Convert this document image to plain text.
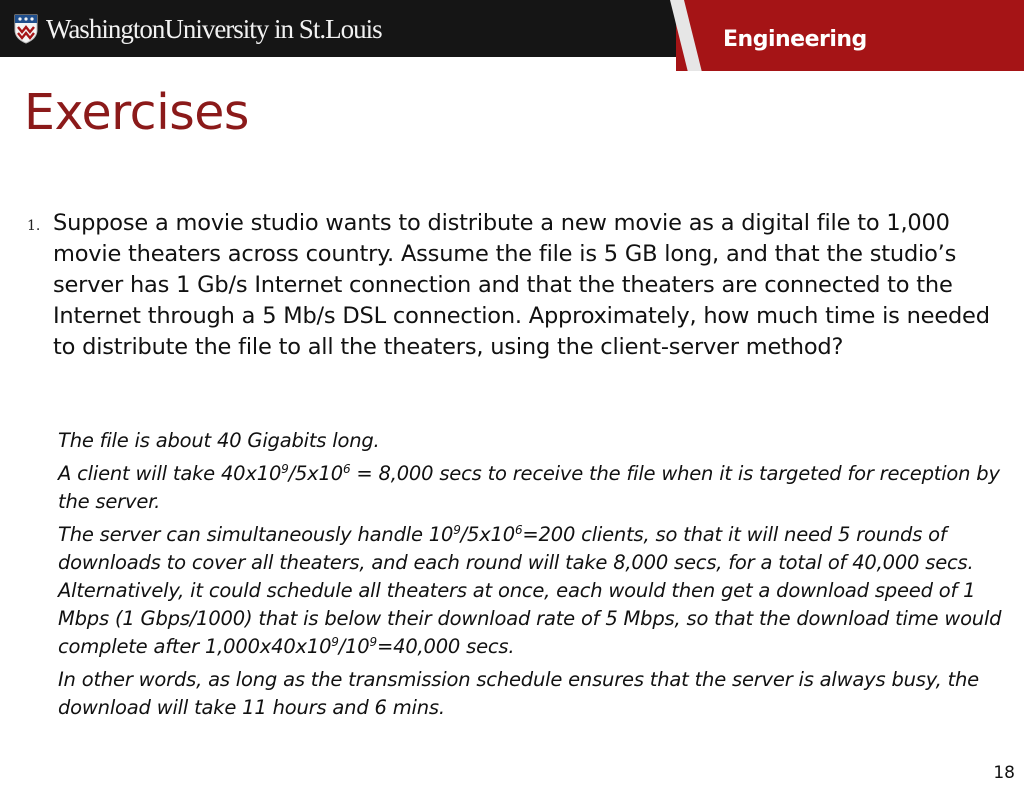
WashingtonUniversity in St.Louis	Engineering
Exercises
1. Suppose a movie studio wants to distribute a new movie as a digital file to 1,000 movie theaters across country. Assume the file is 5 GB long, and that the studio’s server has 1 Gb/s Internet connection and that the theaters are connected to the Internet through a 5 Mb/s DSL connection. Approximately, how much time is needed to distribute the file to all the theaters, using the client-server method?

The file is about 40 Gigabits long.

A client will take $40x10^9/5x10^6 = 8,000$ secs to receive the file when it is targeted for reception by the server.

The server can simultaneously handle $10^9/5x10^6=200$ clients, so that it will need 5 rounds of downloads to cover all theaters, and each round will take 8,000 secs, for a total of 40,000 secs. Alternatively, it could schedule all theaters at once, each would then get a download speed of 1 Mbps (1 Gbps/1000) that is below their download rate of 5 Mbps, so that the download time would complete after $1,000x40x10^9/10^9=40,000$ secs.

In other words, as long as the transmission schedule ensures that the server is always busy, the download will take 11 hours and 6 mins.

18
